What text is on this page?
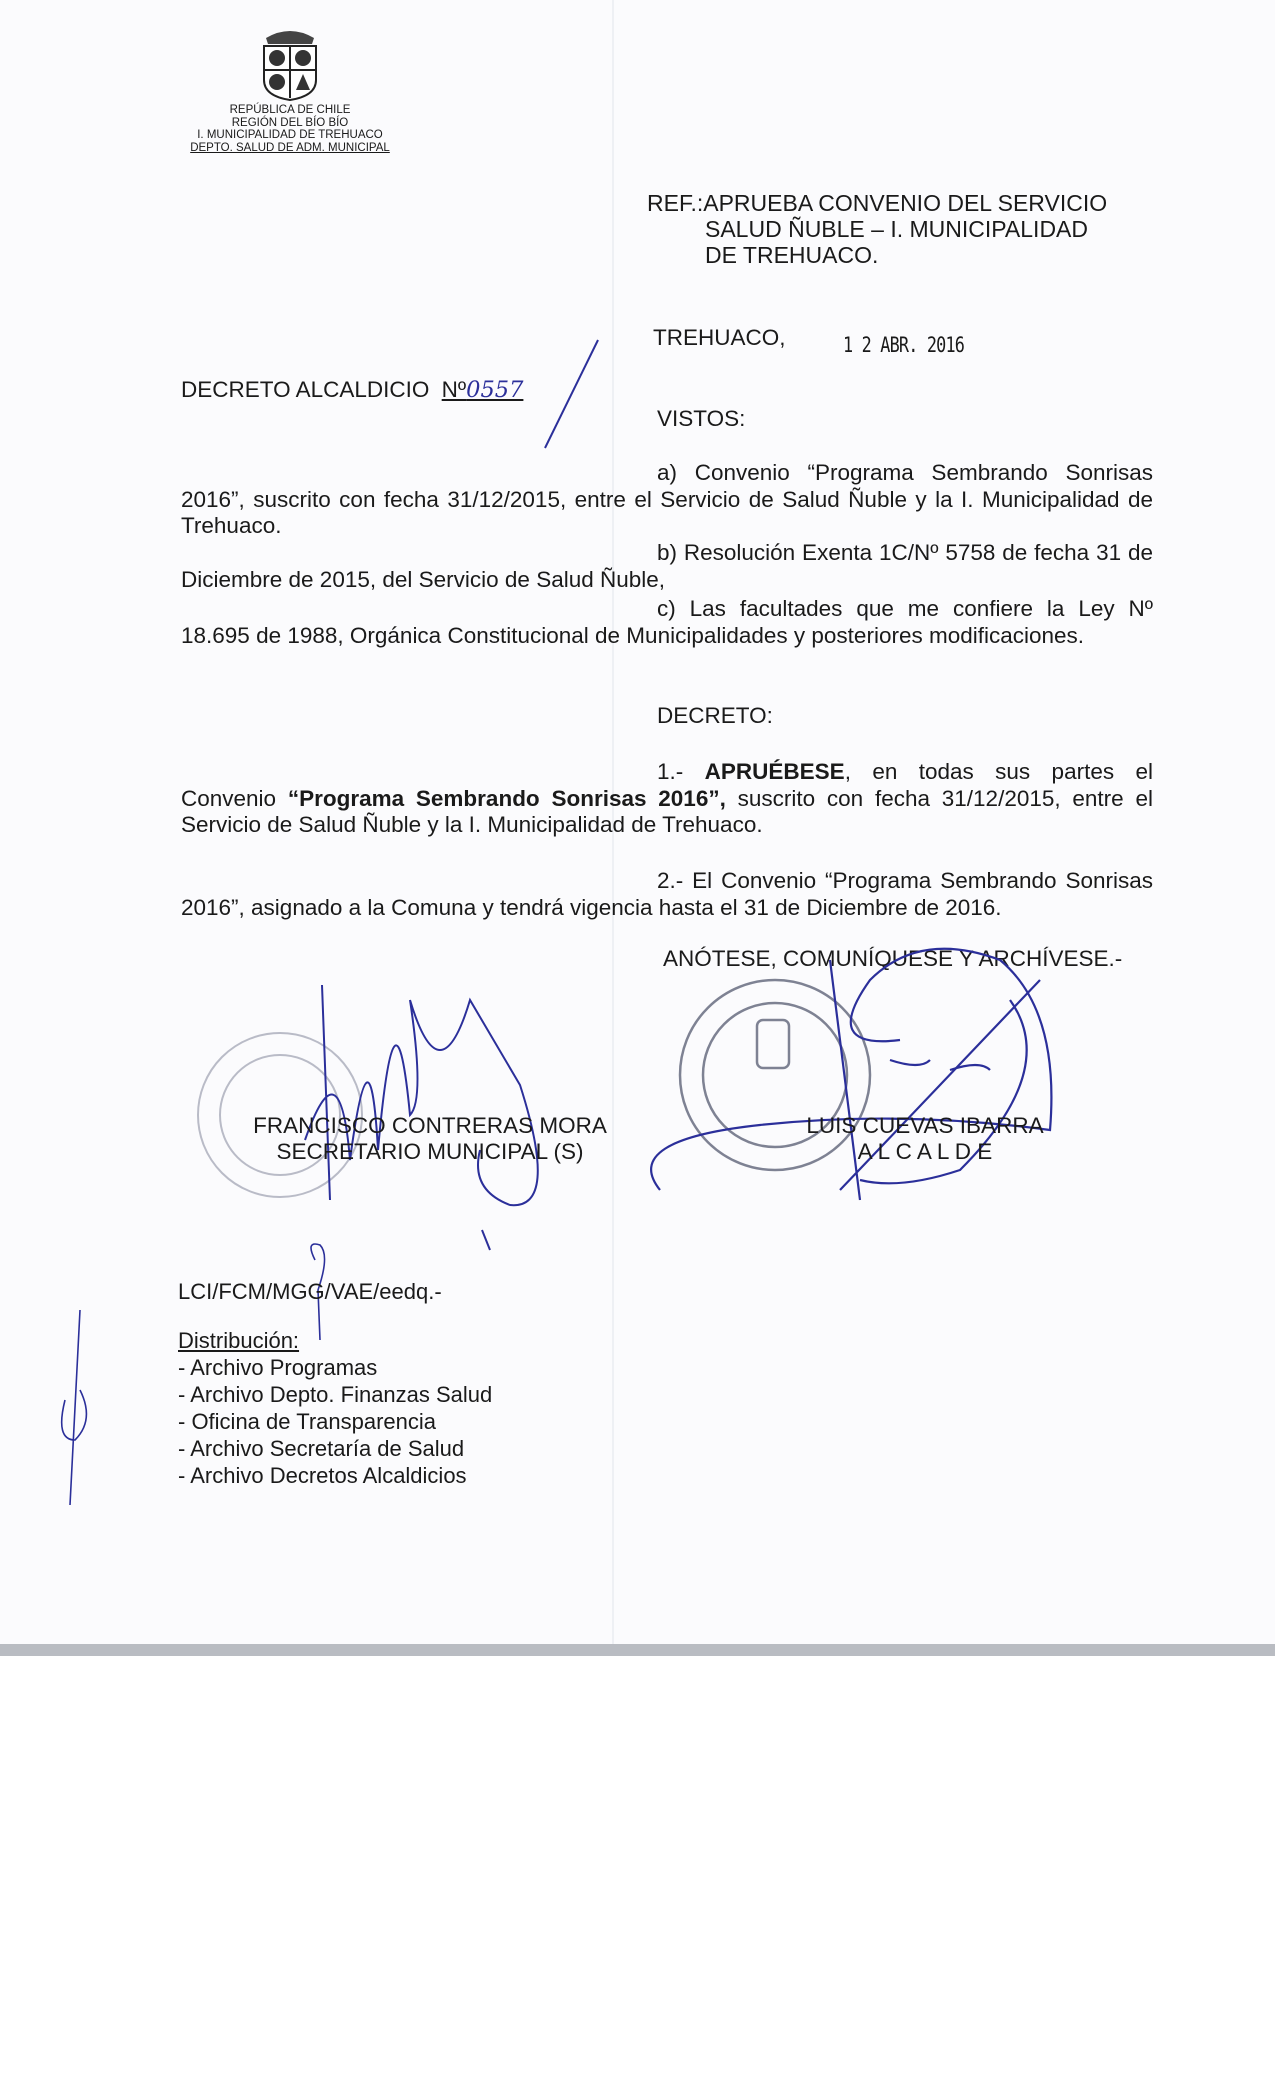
REPÚBLICA DE CHILE
REGIÓN DEL BÍO BÍO
I. MUNICIPALIDAD DE TREHUACO
DEPTO. SALUD DE ADM. MUNICIPAL
REF.:APRUEBA CONVENIO DEL SERVICIO
SALUD ÑUBLE – I. MUNICIPALIDAD
DE TREHUACO.
TREHUACO,	1 2 ABR. 2016
DECRETO ALCALDICIO Nº0557
VISTOS:
a) Convenio “Programa Sembrando Sonrisas 2016”, suscrito con fecha 31/12/2015, entre el Servicio de Salud Ñuble y la I. Municipalidad de Trehuaco.
b) Resolución Exenta 1C/Nº 5758 de fecha 31 de Diciembre de 2015, del Servicio de Salud Ñuble,
c) Las facultades que me confiere la Ley Nº 18.695 de 1988, Orgánica Constitucional de Municipalidades y posteriores modificaciones.
DECRETO:
1.- APRUÉBESE, en todas sus partes el Convenio “Programa Sembrando Sonrisas 2016”, suscrito con fecha 31/12/2015, entre el Servicio de Salud Ñuble y la I. Municipalidad de Trehuaco.
2.- El Convenio “Programa Sembrando Sonrisas 2016”, asignado a la Comuna y tendrá vigencia hasta el 31 de Diciembre de 2016.
ANÓTESE, COMUNÍQUESE Y ARCHÍVESE.-
FRANCISCO CONTRERAS MORA
SECRETARIO MUNICIPAL (S)
LUIS CUEVAS IBARRA
A L C A L D E
LCI/FCM/MGG/VAE/eedq.-
Distribución:
- Archivo Programas
- Archivo Depto. Finanzas Salud
- Oficina de Transparencia
- Archivo Secretaría de Salud
- Archivo Decretos Alcaldicios
